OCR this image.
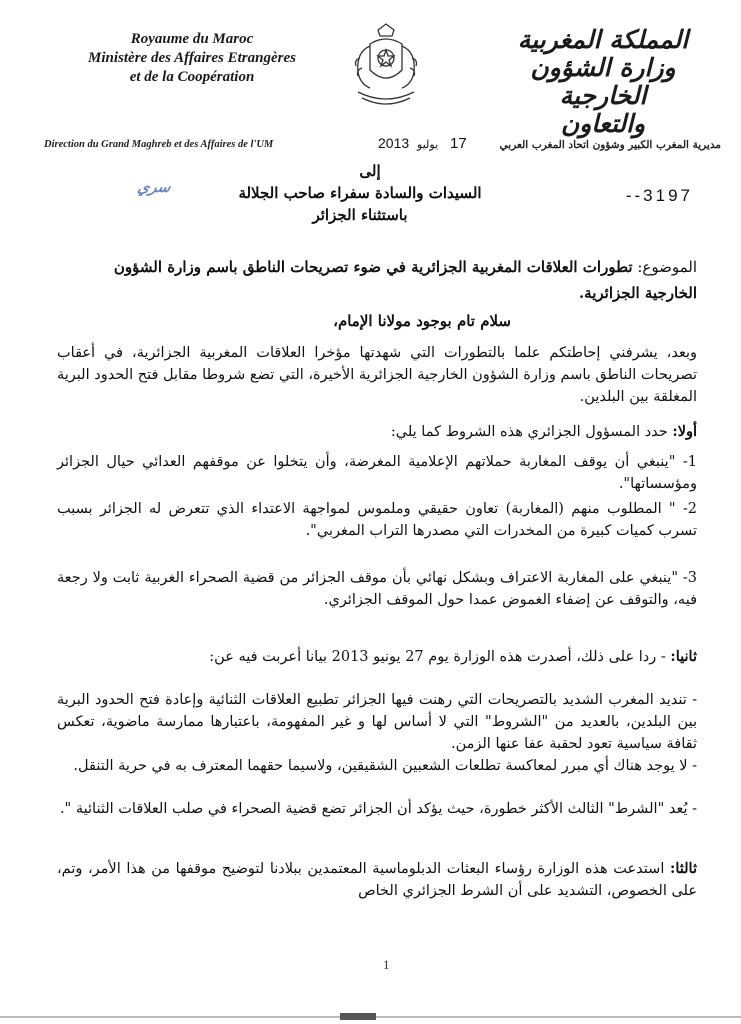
Royaume du Maroc
Ministère des Affaires Etrangères
et de la Coopération
المملكة المغربية
وزارة الشؤون الخارجية
والتعاون
Direction du Grand Maghreb et des Affaires de l'UM	17 يوليو 2013	مديرية المغرب الكبير وشؤون اتحاد المغرب العربي
سري
إلى
السيدات والسادة سفراء صاحب الجلالة
باستثناء الجزائر
--3197
الموضوع: تطورات العلاقات المغربية الجزائرية في ضوء تصريحات الناطق باسم وزارة الشؤون الخارجية الجزائرية.
سلام تام بوجود مولانا الإمام،
وبعد، يشرفني إحاطتكم علما بالتطورات التي شهدتها مؤخرا العلاقات المغربية الجزائرية، في أعقاب تصريحات الناطق باسم وزارة الشؤون الخارجية الجزائرية الأخيرة، التي تضع شروطا مقابل فتح الحدود البرية المغلقة بين البلدين.
أولا: حدد المسؤول الجزائري هذه الشروط كما يلي:
1- "ينبغي أن يوقف المغاربة حملاتهم الإعلامية المغرضة، وأن يتخلوا عن موقفهم العدائي حيال الجزائر ومؤسساتها".
2- " المطلوب منهم (المغاربة) تعاون حقيقي وملموس لمواجهة الاعتداء الذي تتعرض له الجزائر بسبب تسرب كميات كبيرة من المخدرات التي مصدرها التراب المغربي".
3- "ينبغي على المغاربة الاعتراف وبشكل نهائي بأن موقف الجزائر من قضية الصحراء الغربية ثابت ولا رجعة فيه، والتوقف عن إضفاء الغموض عمدا حول الموقف الجزائري.
ثانيا: - ردا على ذلك، أصدرت هذه الوزارة يوم 27 يونيو 2013 بيانا أعربت فيه عن:
- تنديد المغرب الشديد بالتصريحات التي رهنت فيها الجزائر تطبيع العلاقات الثنائية وإعادة فتح الحدود البرية بين البلدين، بالعديد من "الشروط" التي لا أساس لها و غير المفهومة، باعتبارها ممارسة ماضوية، تعكس ثقافة سياسية تعود لحقبة عفا عنها الزمن.
- لا يوجد هناك أي مبرر لمعاكسة تطلعات الشعبين الشقيقين، ولاسيما حقهما المعترف به في حرية التنقل.
- يُعد "الشرط" الثالث الأكثر خطورة، حيث يؤكد أن الجزائر تضع قضية الصحراء في صلب العلاقات الثنائية ".
ثالثا: استدعت هذه الوزارة رؤساء البعثات الدبلوماسية المعتمدين ببلادنا لتوضيح موقفها من هذا الأمر، وتم، على الخصوص، التشديد على أن الشرط الجزائري الخاص
1
